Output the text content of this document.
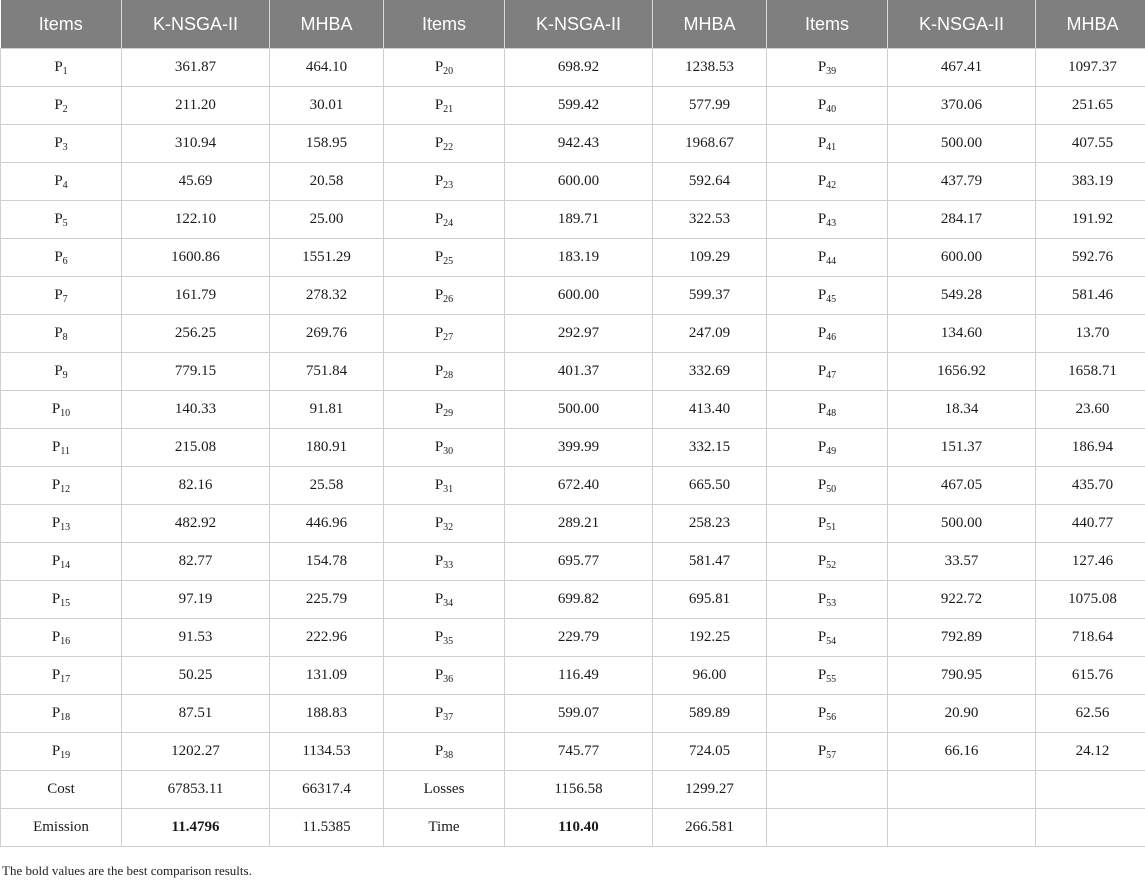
Items	K-NSGA-II	MHBA	Items	K-NSGA-II	MHBA	Items	K-NSGA-II	MHBA
$P_1$	361.87	464.10	$P_{20}$	698.92	1238.53	$P_{39}$	467.41	1097.37
$P_2$	211.20	30.01	$P_{21}$	599.42	577.99	$P_{40}$	370.06	251.65
$P_3$	310.94	158.95	$P_{22}$	942.43	1968.67	$P_{41}$	500.00	407.55
$P_4$	45.69	20.58	$P_{23}$	600.00	592.64	$P_{42}$	437.79	383.19
$P_5$	122.10	25.00	$P_{24}$	189.71	322.53	$P_{43}$	284.17	191.92
$P_6$	1600.86	1551.29	$P_{25}$	183.19	109.29	$P_{44}$	600.00	592.76
$P_7$	161.79	278.32	$P_{26}$	600.00	599.37	$P_{45}$	549.28	581.46
$P_8$	256.25	269.76	$P_{27}$	292.97	247.09	$P_{46}$	134.60	13.70
$P_9$	779.15	751.84	$P_{28}$	401.37	332.69	$P_{47}$	1656.92	1658.71
$P_{10}$	140.33	91.81	$P_{29}$	500.00	413.40	$P_{48}$	18.34	23.60
$P_{11}$	215.08	180.91	$P_{30}$	399.99	332.15	$P_{49}$	151.37	186.94
$P_{12}$	82.16	25.58	$P_{31}$	672.40	665.50	$P_{50}$	467.05	435.70
$P_{13}$	482.92	446.96	$P_{32}$	289.21	258.23	$P_{51}$	500.00	440.77
$P_{14}$	82.77	154.78	$P_{33}$	695.77	581.47	$P_{52}$	33.57	127.46
$P_{15}$	97.19	225.79	$P_{34}$	699.82	695.81	$P_{53}$	922.72	1075.08
$P_{16}$	91.53	222.96	$P_{35}$	229.79	192.25	$P_{54}$	792.89	718.64
$P_{17}$	50.25	131.09	$P_{36}$	116.49	96.00	$P_{55}$	790.95	615.76
$P_{18}$	87.51	188.83	$P_{37}$	599.07	589.89	$P_{56}$	20.90	62.56
$P_{19}$	1202.27	1134.53	$P_{38}$	745.77	724.05	$P_{57}$	66.16	24.12
Cost	67853.11	66317.4	Losses	1156.58	1299.27			
Emission	11.4796	11.5385	Time	110.40	266.581			
The bold values are the best comparison results.
